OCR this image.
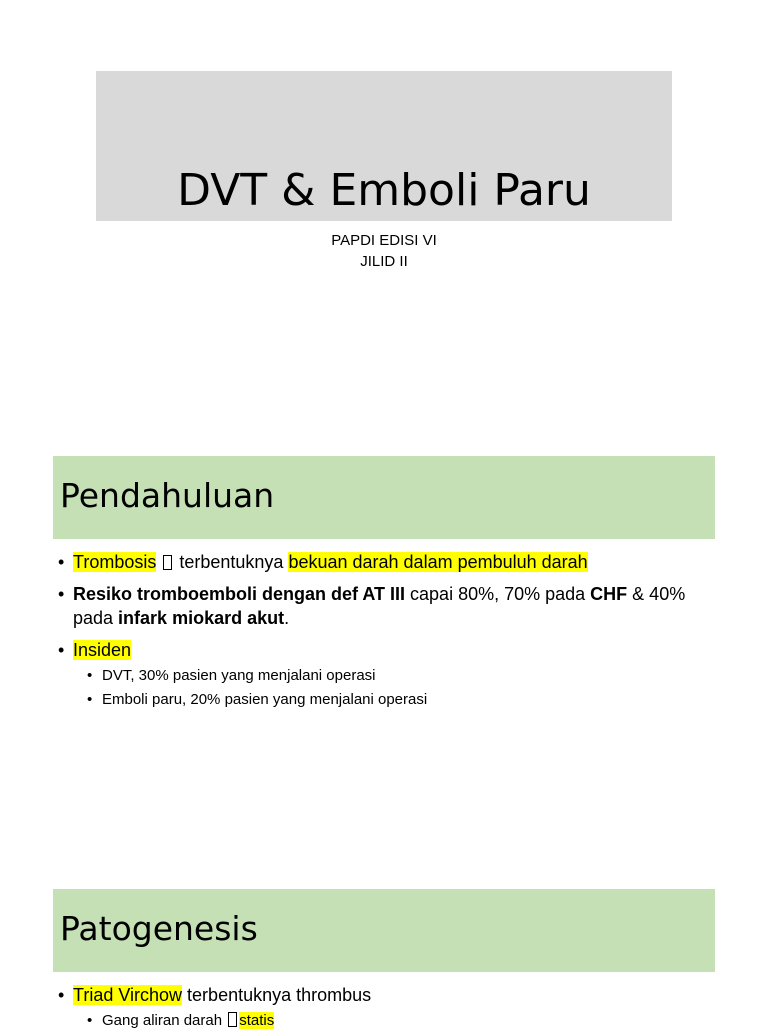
DVT & Emboli Paru
PAPDI EDISI VI
JILID II
Pendahuluan
• Trombosis  terbentuknya bekuan darah dalam pembuluh darah
• Resiko tromboemboli dengan def AT III capai 80%, 70% pada CHF & 40% pada infark miokard akut.
• Insiden
• DVT, 30% pasien yang menjalani operasi
• Emboli paru, 20% pasien yang menjalani operasi
Patogenesis
• Triad Virchow terbentuknya thrombus
• Gang aliran darah statis
